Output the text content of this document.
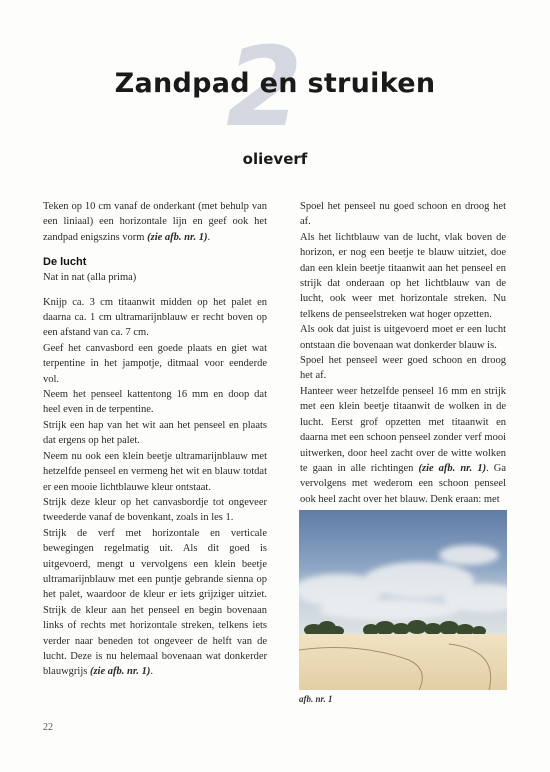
2
Zandpad en struiken
olieverf

Teken op 10 cm vanaf de onderkant (met behulp van een liniaal) een horizontale lijn en geef ook het zandpad enigszins vorm (zie afb. nr. 1).

De lucht

Nat in nat (alla prima)

Knijp ca. 3 cm titaanwit midden op het palet en daarna ca. 1 cm ultramarijnblauw er recht boven op een afstand van ca. 7 cm.

Geef het canvasbord een goede plaats en giet wat terpentine in het jampotje, ditmaal voor eenderde vol.

Neem het penseel kattentong 16 mm en doop dat heel even in de terpentine.

Strijk een hap van het wit aan het penseel en plaats dat ergens op het palet.

Neem nu ook een klein beetje ultramarijnblauw met hetzelfde penseel en vermeng het wit en blauw totdat er een mooie lichtblauwe kleur ontstaat.

Strijk deze kleur op het canvasbordje tot ongeveer tweederde vanaf de bovenkant, zoals in les 1.

Strijk de verf met horizontale en verticale bewegingen regelmatig uit. Als dit goed is uitgevoerd, mengt u vervolgens een klein beetje ultramarijnblauw met een puntje gebrande sienna op het palet, waardoor de kleur er iets grijziger uitziet. Strijk de kleur aan het penseel en begin bovenaan links of rechts met horizontale streken, telkens iets verder naar beneden tot ongeveer de helft van de lucht. Deze is nu helemaal bovenaan wat donkerder blauwgrijs (zie afb. nr. 1).

Spoel het penseel nu goed schoon en droog het af.

Als het lichtblauw van de lucht, vlak boven de horizon, er nog een beetje te blauw uitziet, doe dan een klein beetje titaanwit aan het penseel en strijk dat onderaan op het lichtblauw van de lucht, ook weer met horizontale streken. Nu telkens de penseelstreken wat hoger opzetten.

Als ook dat juist is uitgevoerd moet er een lucht ontstaan die bovenaan wat donkerder blauw is.

Spoel het penseel weer goed schoon en droog het af.

Hanteer weer hetzelfde penseel 16 mm en strijk met een klein beetje titaanwit de wolken in de lucht. Eerst grof opzetten met titaanwit en daarna met een schoon penseel zonder verf mooi uitwerken, door heel zacht over de witte wolken te gaan in alle richtingen (zie afb. nr. 1). Ga vervolgens met wederom een schoon penseel ook heel zacht over het blauw. Denk eraan: met

afb. nr. 1
22
